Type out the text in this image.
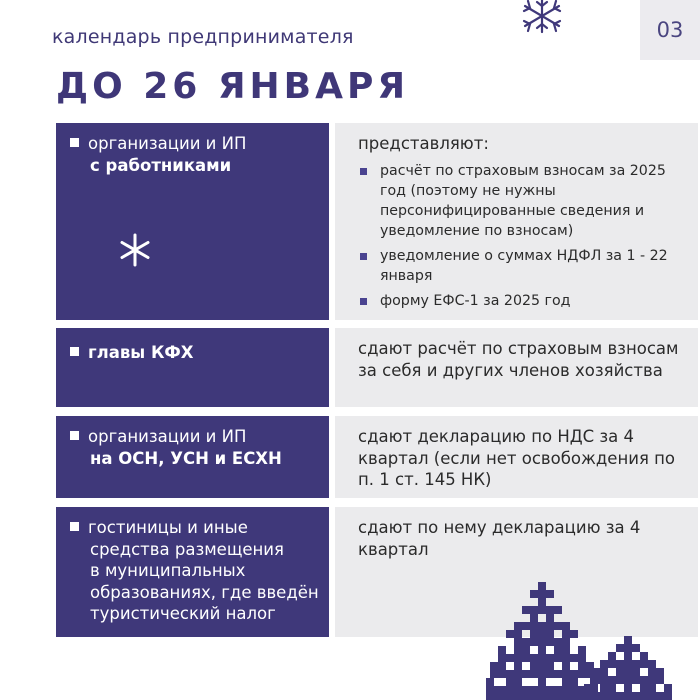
календарь предпринимателя	03
ДО 26 ЯНВАРЯ
организации и ИП
с работниками
представляют:
расчёт по страховым взносам за 2025 год (поэтому не нужны персонифицированные сведения и уведомление по взносам)
уведомление о суммах НДФЛ за 1 - 22 января
форму ЕФС-1 за 2025 год
главы КФХ	сдают расчёт по страховым взносам за себя и других членов хозяйства
организации и ИП
на ОСН, УСН и ЕСХН
сдают декларацию по НДС за 4 квартал (если нет освобождения по п. 1 ст. 145 НК)
гостиницы и иные
средства размещения
в муниципальных
образованиях, где введён
туристический налог
сдают по нему декларацию за 4 квартал
